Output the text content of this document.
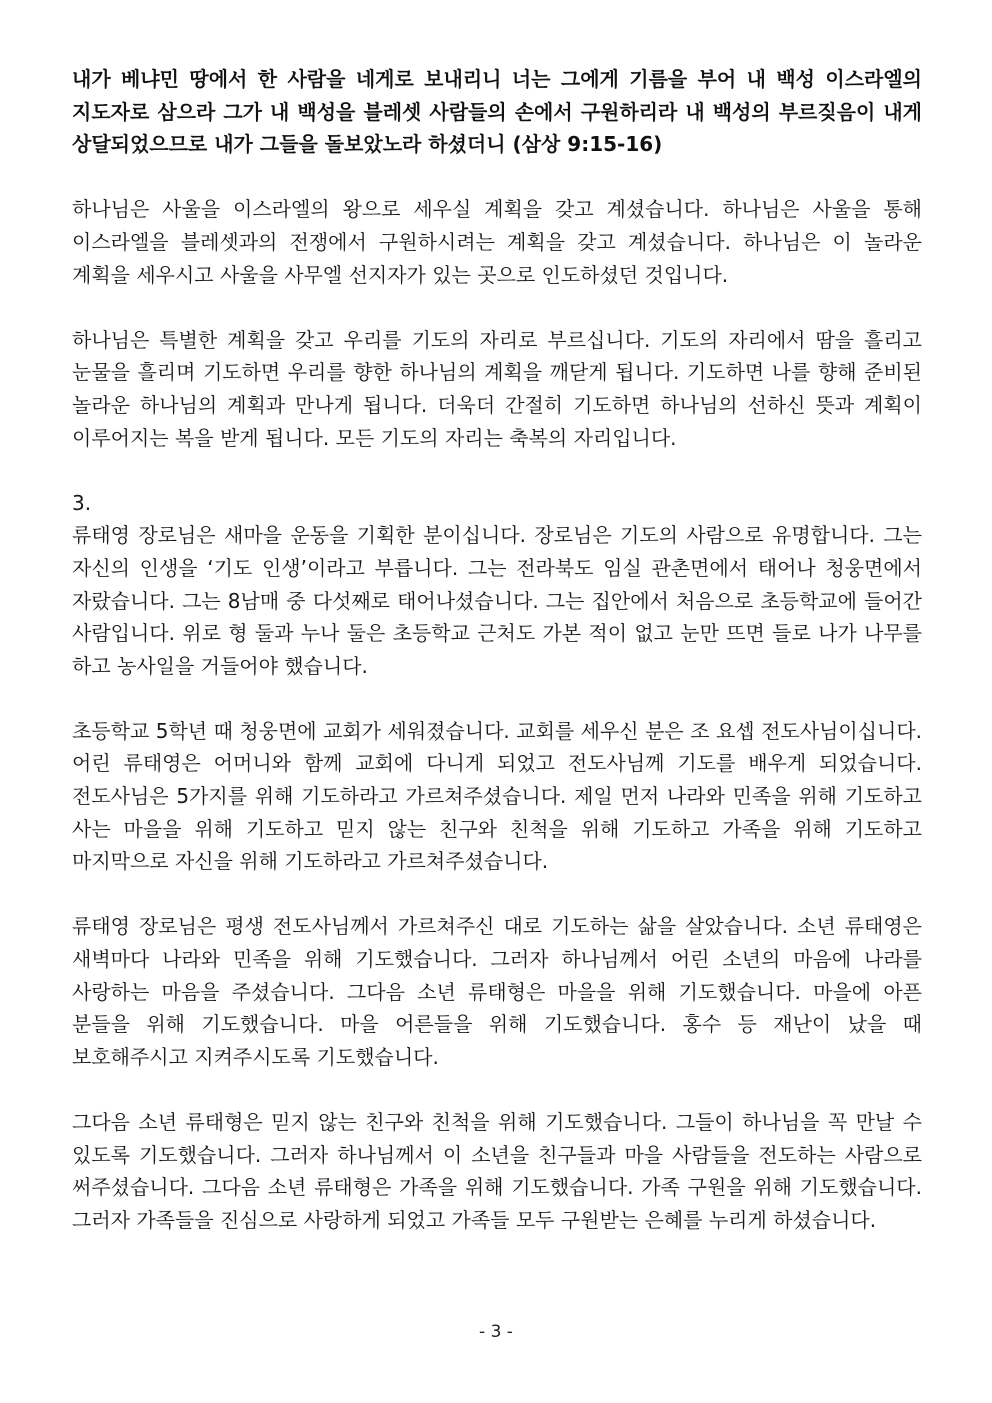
내가 베냐민 땅에서 한 사람을 네게로 보내리니 너는 그에게 기름을 부어 내 백성 이스라엘의 지도자로 삼으라 그가 내 백성을 블레셋 사람들의 손에서 구원하리라 내 백성의 부르짖음이 내게 상달되었으므로 내가 그들을 돌보았노라 하셨더니 (삼상 9:15-16)

하나님은 사울을 이스라엘의 왕으로 세우실 계획을 갖고 계셨습니다. 하나님은 사울을 통해 이스라엘을 블레셋과의 전쟁에서 구원하시려는 계획을 갖고 계셨습니다. 하나님은 이 놀라운 계획을 세우시고 사울을 사무엘 선지자가 있는 곳으로 인도하셨던 것입니다.

하나님은 특별한 계획을 갖고 우리를 기도의 자리로 부르십니다. 기도의 자리에서 땀을 흘리고 눈물을 흘리며 기도하면 우리를 향한 하나님의 계획을 깨닫게 됩니다. 기도하면 나를 향해 준비된 놀라운 하나님의 계획과 만나게 됩니다. 더욱더 간절히 기도하면 하나님의 선하신 뜻과 계획이 이루어지는 복을 받게 됩니다. 모든 기도의 자리는 축복의 자리입니다.

3.

류태영 장로님은 새마을 운동을 기획한 분이십니다. 장로님은 기도의 사람으로 유명합니다. 그는 자신의 인생을 ‘기도 인생’이라고 부릅니다. 그는 전라북도 임실 관촌면에서 태어나 청웅면에서 자랐습니다. 그는 8남매 중 다섯째로 태어나셨습니다. 그는 집안에서 처음으로 초등학교에 들어간 사람입니다. 위로 형 둘과 누나 둘은 초등학교 근처도 가본 적이 없고 눈만 뜨면 들로 나가 나무를 하고 농사일을 거들어야 했습니다.

초등학교 5학년 때 청웅면에 교회가 세워졌습니다. 교회를 세우신 분은 조 요셉 전도사님이십니다. 어린 류태영은 어머니와 함께 교회에 다니게 되었고 전도사님께 기도를 배우게 되었습니다. 전도사님은 5가지를 위해 기도하라고 가르쳐주셨습니다. 제일 먼저 나라와 민족을 위해 기도하고 사는 마을을 위해 기도하고 믿지 않는 친구와 친척을 위해 기도하고 가족을 위해 기도하고 마지막으로 자신을 위해 기도하라고 가르쳐주셨습니다.

류태영 장로님은 평생 전도사님께서 가르쳐주신 대로 기도하는 삶을 살았습니다. 소년 류태영은 새벽마다 나라와 민족을 위해 기도했습니다. 그러자 하나님께서 어린 소년의 마음에 나라를 사랑하는 마음을 주셨습니다. 그다음 소년 류태형은 마을을 위해 기도했습니다. 마을에 아픈 분들을 위해 기도했습니다. 마을 어른들을 위해 기도했습니다. 홍수 등 재난이 났을 때 보호해주시고 지켜주시도록 기도했습니다.

그다음 소년 류태형은 믿지 않는 친구와 친척을 위해 기도했습니다. 그들이 하나님을 꼭 만날 수 있도록 기도했습니다. 그러자 하나님께서 이 소년을 친구들과 마을 사람들을 전도하는 사람으로 써주셨습니다. 그다음 소년 류태형은 가족을 위해 기도했습니다. 가족 구원을 위해 기도했습니다. 그러자 가족들을 진심으로 사랑하게 되었고 가족들 모두 구원받는 은혜를 누리게 하셨습니다.

- 3 -
